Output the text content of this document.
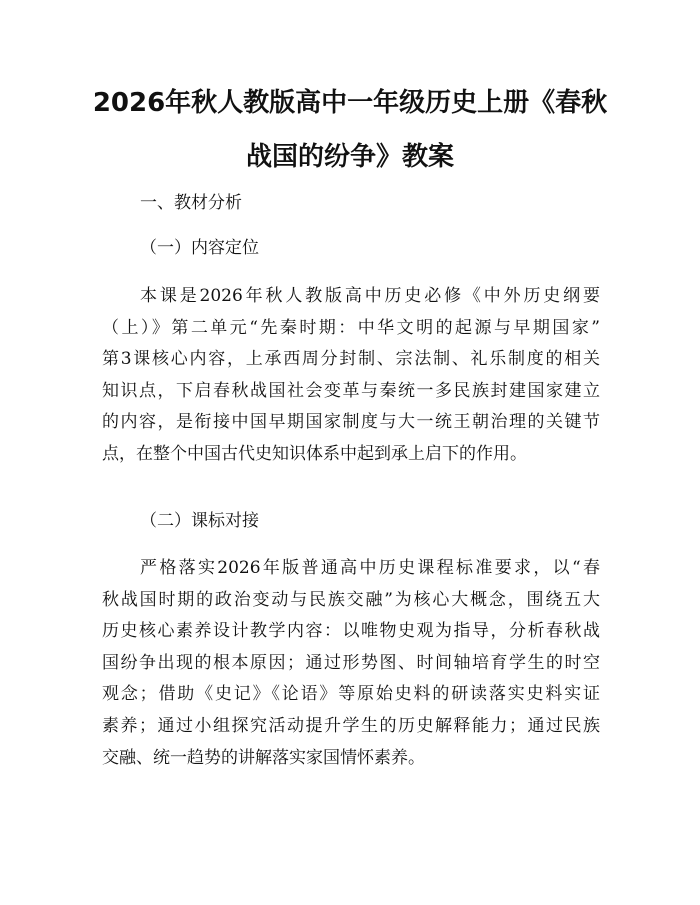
2026年秋人教版高中一年级历史上册《春秋
战国的纷争》教案

一、教材分析

（一）内容定位

本课是2026年秋人教版高中历史必修《中外历史纲要
（上）》第二单元“先秦时期：中华文明的起源与早期国家”
第3课核心内容，上承西周分封制、宗法制、礼乐制度的相关
知识点，下启春秋战国社会变革与秦统一多民族封建国家建立
的内容，是衔接中国早期国家制度与大一统王朝治理的关键节
点，在整个中国古代史知识体系中起到承上启下的作用。

（二）课标对接

严格落实2026年版普通高中历史课程标准要求，以“春
秋战国时期的政治变动与民族交融”为核心大概念，围绕五大
历史核心素养设计教学内容：以唯物史观为指导，分析春秋战
国纷争出现的根本原因；通过形势图、时间轴培育学生的时空
观念；借助《史记》《论语》等原始史料的研读落实史料实证
素养；通过小组探究活动提升学生的历史解释能力；通过民族
交融、统一趋势的讲解落实家国情怀素养。
